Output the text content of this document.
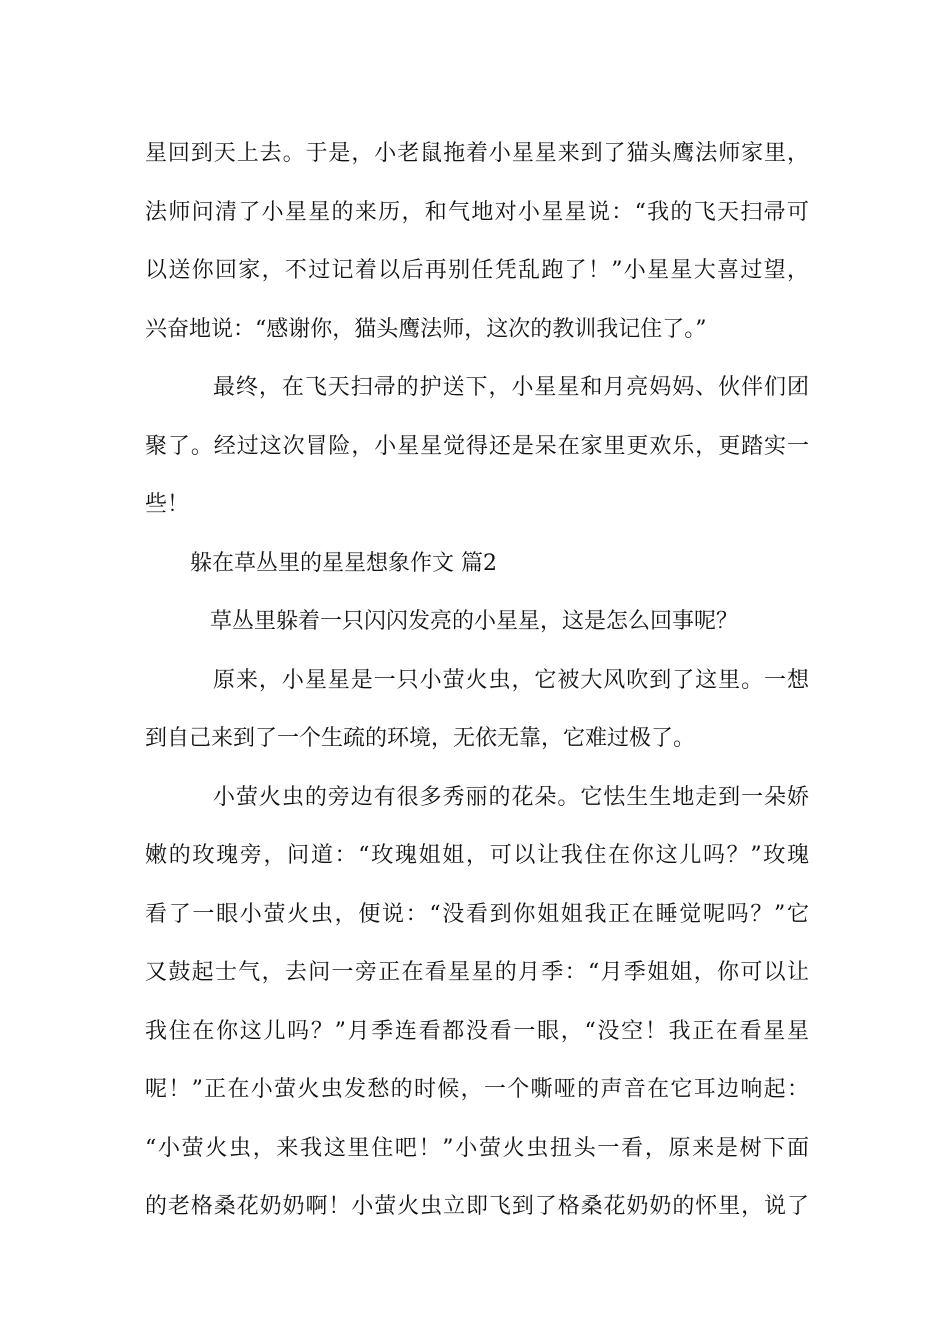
星回到天上去。于是，小老鼠拖着小星星来到了猫头鹰法师家里，
法师问清了小星星的来历，和气地对小星星说：“我的飞天扫帚可
以送你回家，不过记着以后再别任凭乱跑了！”小星星大喜过望，
兴奋地说：“感谢你，猫头鹰法师，这次的教训我记住了。”
最终，在飞天扫帚的护送下，小星星和月亮妈妈、伙伴们团
聚了。经过这次冒险，小星星觉得还是呆在家里更欢乐，更踏实一
些！
躲在草丛里的星星想象作文 篇2
草丛里躲着一只闪闪发亮的小星星，这是怎么回事呢？
原来，小星星是一只小萤火虫，它被大风吹到了这里。一想
到自己来到了一个生疏的环境，无依无靠，它难过极了。
小萤火虫的旁边有很多秀丽的花朵。它怯生生地走到一朵娇
嫩的玫瑰旁，问道：“玫瑰姐姐，可以让我住在你这儿吗？”玫瑰
看了一眼小萤火虫，便说：“没看到你姐姐我正在睡觉呢吗？”它
又鼓起士气，去问一旁正在看星星的月季：“月季姐姐，你可以让
我住在你这儿吗？”月季连看都没看一眼，“没空！我正在看星星
呢！”正在小萤火虫发愁的时候，一个嘶哑的声音在它耳边响起：
“小萤火虫，来我这里住吧！”小萤火虫扭头一看，原来是树下面
的老格桑花奶奶啊！小萤火虫立即飞到了格桑花奶奶的怀里，说了
